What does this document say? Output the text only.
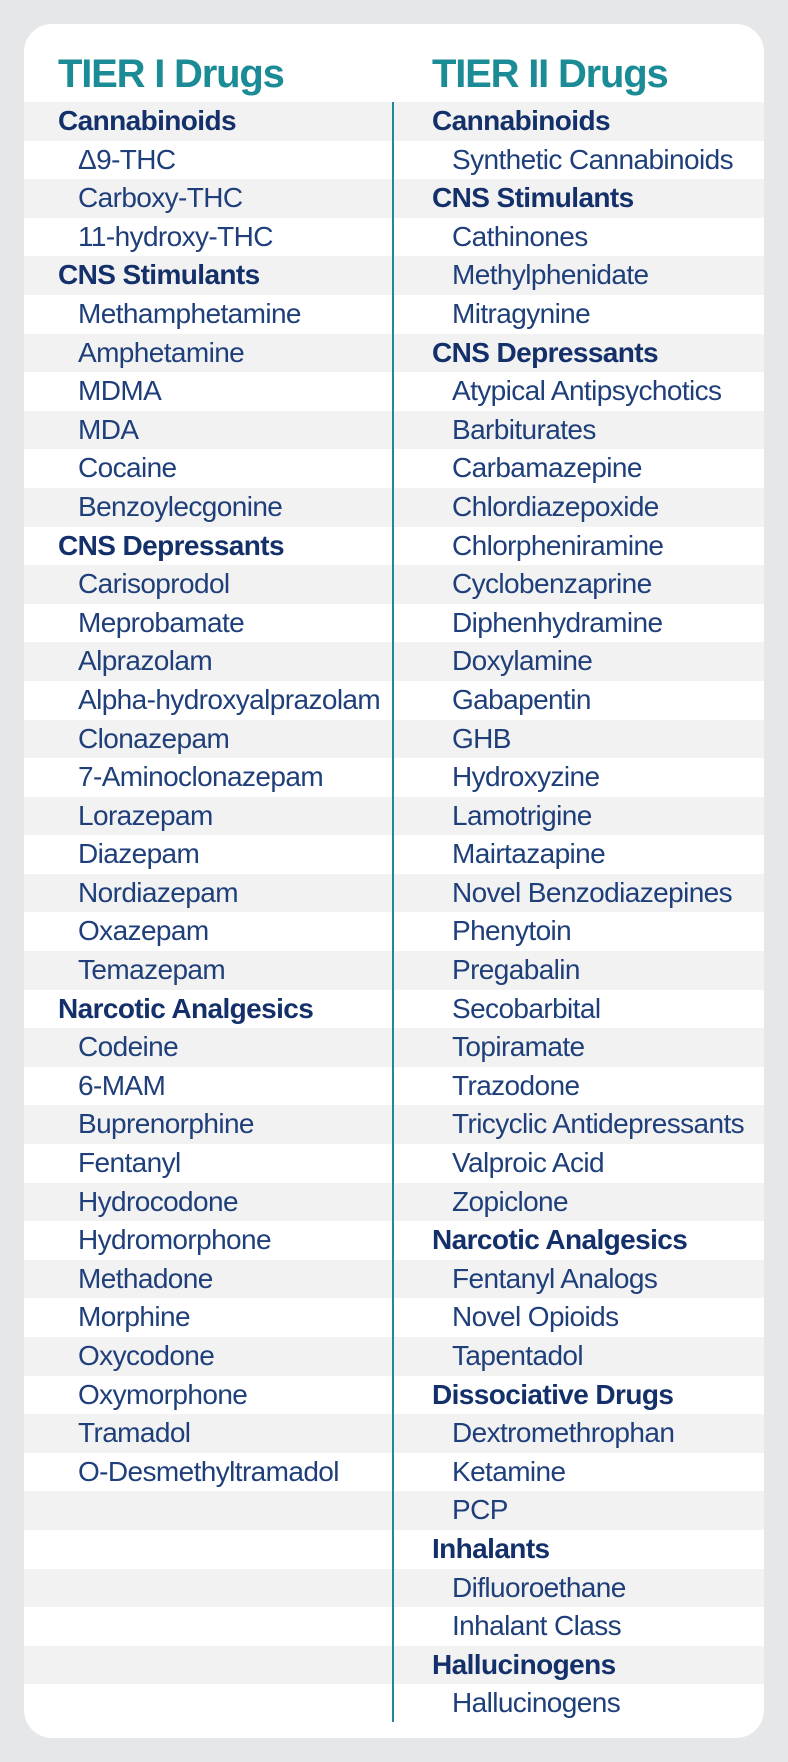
TIER I Drugs	TIER II Drugs
Cannabinoids
Δ9-THC
Carboxy-THC
11-hydroxy-THC
CNS Stimulants
Methamphetamine
Amphetamine
MDMA
MDA
Cocaine
Benzoylecgonine
CNS Depressants
Carisoprodol
Meprobamate
Alprazolam
Alpha-hydroxyalprazolam
Clonazepam
7-Aminoclonazepam
Lorazepam
Diazepam
Nordiazepam
Oxazepam
Temazepam
Narcotic Analgesics
Codeine
6-MAM
Buprenorphine
Fentanyl
Hydrocodone
Hydromorphone
Methadone
Morphine
Oxycodone
Oxymorphone
Tramadol
O-Desmethyltramadol
Cannabinoids
Synthetic Cannabinoids
CNS Stimulants
Cathinones
Methylphenidate
Mitragynine
CNS Depressants
Atypical Antipsychotics
Barbiturates
Carbamazepine
Chlordiazepoxide
Chlorpheniramine
Cyclobenzaprine
Diphenhydramine
Doxylamine
Gabapentin
GHB
Hydroxyzine
Lamotrigine
Mairtazapine
Novel Benzodiazepines
Phenytoin
Pregabalin
Secobarbital
Topiramate
Trazodone
Tricyclic Antidepressants
Valproic Acid
Zopiclone
Narcotic Analgesics
Fentanyl Analogs
Novel Opioids
Tapentadol
Dissociative Drugs
Dextromethrophan
Ketamine
PCP
Inhalants
Difluoroethane
Inhalant Class
Hallucinogens
Hallucinogens
